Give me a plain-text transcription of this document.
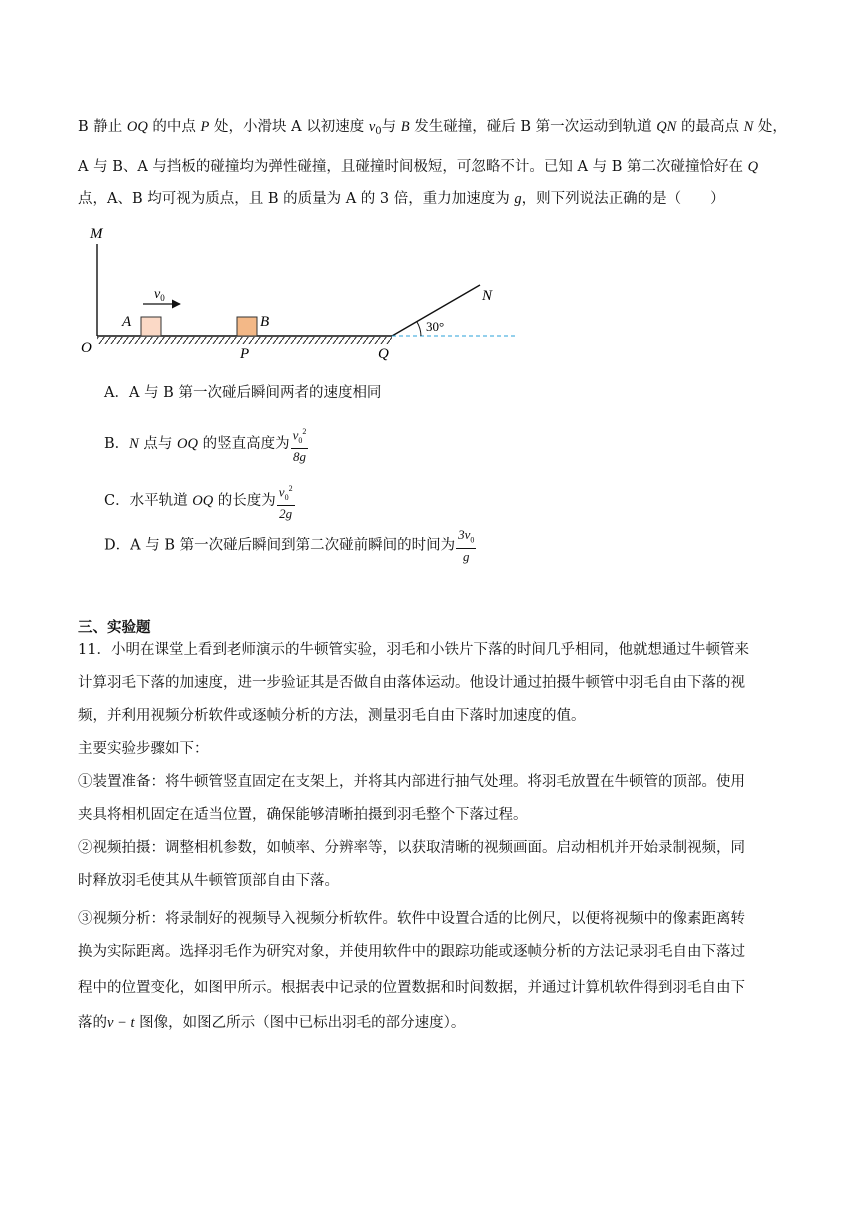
B 静止 OQ 的中点 P 处，小滑块 A 以初速度 $v_0$与 B 发生碰撞，碰后 B 第一次运动到轨道 QN 的最高点 N 处，
A 与 B、A 与挡板的碰撞均为弹性碰撞，且碰撞时间极短，可忽略不计。已知 A 与 B 第二次碰撞恰好在 Q
点，A、B 均可视为质点，且 B 的质量为 A 的 3 倍，重力加速度为 g，则下列说法正确的是（　　）
M
O
A	B
P	Q
N
30°
$v_0$
A．A 与 B 第一次碰后瞬间两者的速度相同
B．N 点与 OQ 的竖直高度为 $\frac{v_0^2}{8g}$
C．水平轨道 OQ 的长度为 $\frac{v_0^2}{2g}$
D．A 与 B 第一次碰后瞬间到第二次碰前瞬间的时间为 $\frac{3v_0}{g}$
三、实验题
11．小明在课堂上看到老师演示的牛顿管实验，羽毛和小铁片下落的时间几乎相同，他就想通过牛顿管来
计算羽毛下落的加速度，进一步验证其是否做自由落体运动。他设计通过拍摄牛顿管中羽毛自由下落的视
频，并利用视频分析软件或逐帧分析的方法，测量羽毛自由下落时加速度的值。
主要实验步骤如下：
①装置准备：将牛顿管竖直固定在支架上，并将其内部进行抽气处理。将羽毛放置在牛顿管的顶部。使用
夹具将相机固定在适当位置，确保能够清晰拍摄到羽毛整个下落过程。
②视频拍摄：调整相机参数，如帧率、分辨率等，以获取清晰的视频画面。启动相机并开始录制视频，同
时释放羽毛使其从牛顿管顶部自由下落。
③视频分析：将录制好的视频导入视频分析软件。软件中设置合适的比例尺，以便将视频中的像素距离转
换为实际距离。选择羽毛作为研究对象，并使用软件中的跟踪功能或逐帧分析的方法记录羽毛自由下落过
程中的位置变化，如图甲所示。根据表中记录的位置数据和时间数据，并通过计算机软件得到羽毛自由下
落的v − t 图像，如图乙所示（图中已标出羽毛的部分速度）。
